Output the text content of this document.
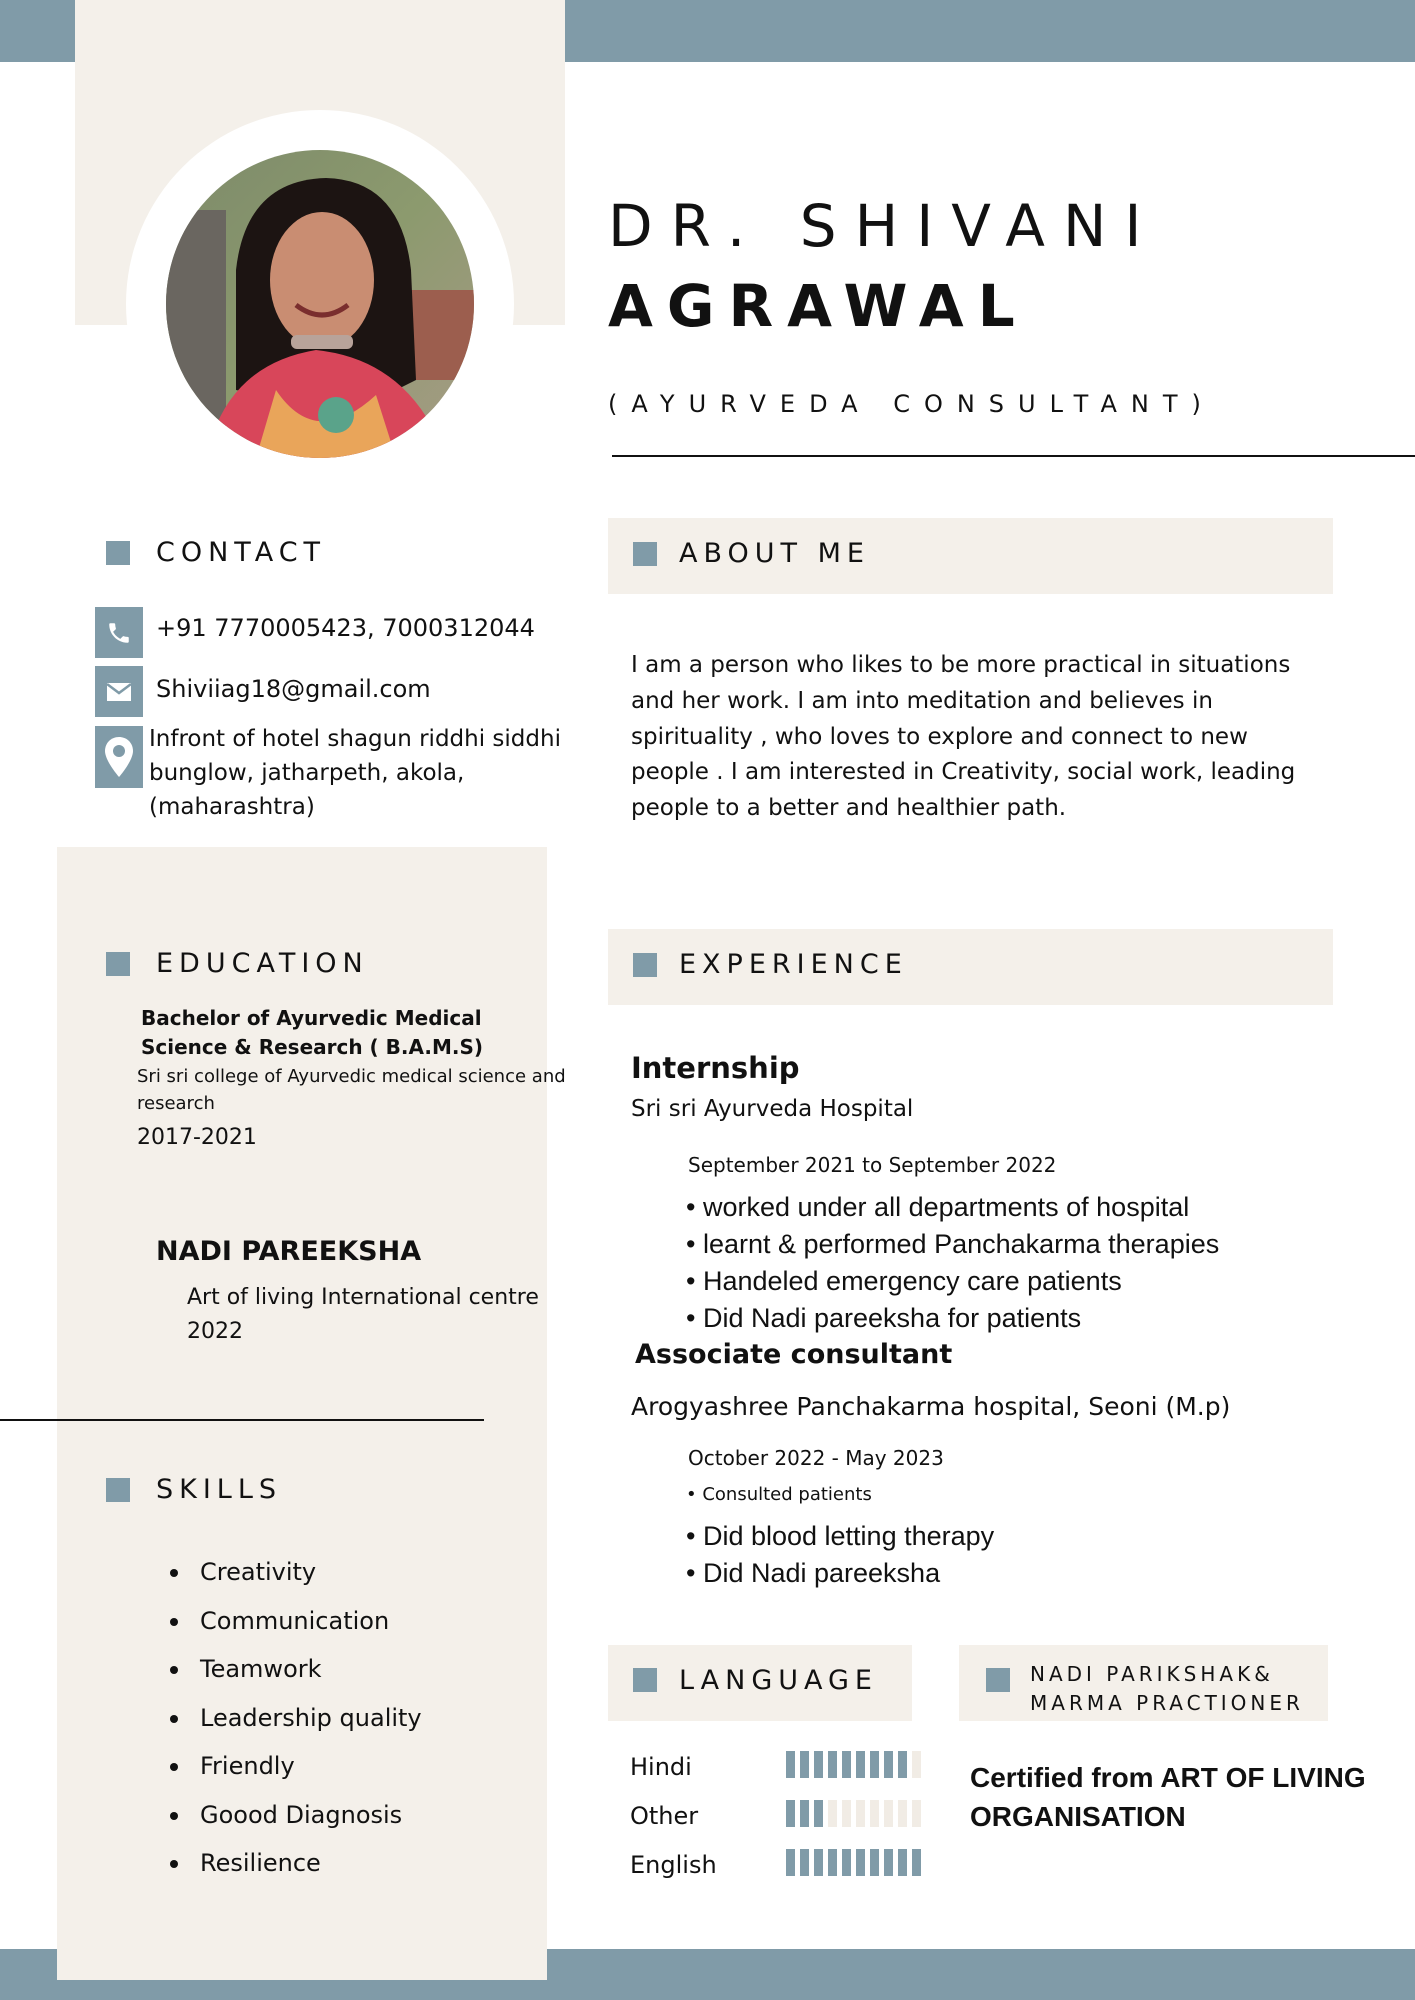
DR. SHIVANI
AGRAWAL
(AYURVEDA CONSULTANT)
CONTACT
+91 7770005423, 7000312044
Shiviiag18@gmail.com
Infront of hotel shagun riddhi siddhi
bunglow, jatharpeth, akola,
(maharashtra)
ABOUT ME
I am a person who likes to be more practical in situations
and her work. I am into meditation and believes in
spirituality , who loves to explore and connect to new
people . I am interested in Creativity, social work, leading
people to a better and healthier path.
EDUCATION
Bachelor of Ayurvedic Medical
Science & Research ( B.A.M.S)
Sri sri college of Ayurvedic medical science and
research
2017-2021
NADI PAREEKSHA
Art of living International centre
2022
SKILLS
Creativity
Communication
Teamwork
Leadership quality
Friendly
Goood Diagnosis
Resilience
EXPERIENCE
Internship
Sri sri Ayurveda Hospital
September 2021 to September 2022
• worked under all departments of hospital
• learnt & performed Panchakarma therapies
• Handeled emergency care patients
• Did Nadi pareeksha for patients
Associate consultant
Arogyashree Panchakarma hospital, Seoni (M.p)
October 2022 - May 2023
• Consulted patients
• Did blood letting therapy
• Did Nadi pareeksha
LANGUAGE
Hindi
Other
English
NADI PARIKSHAK&
MARMA PRACTIONER
Certified from ART OF LIVING
ORGANISATION
